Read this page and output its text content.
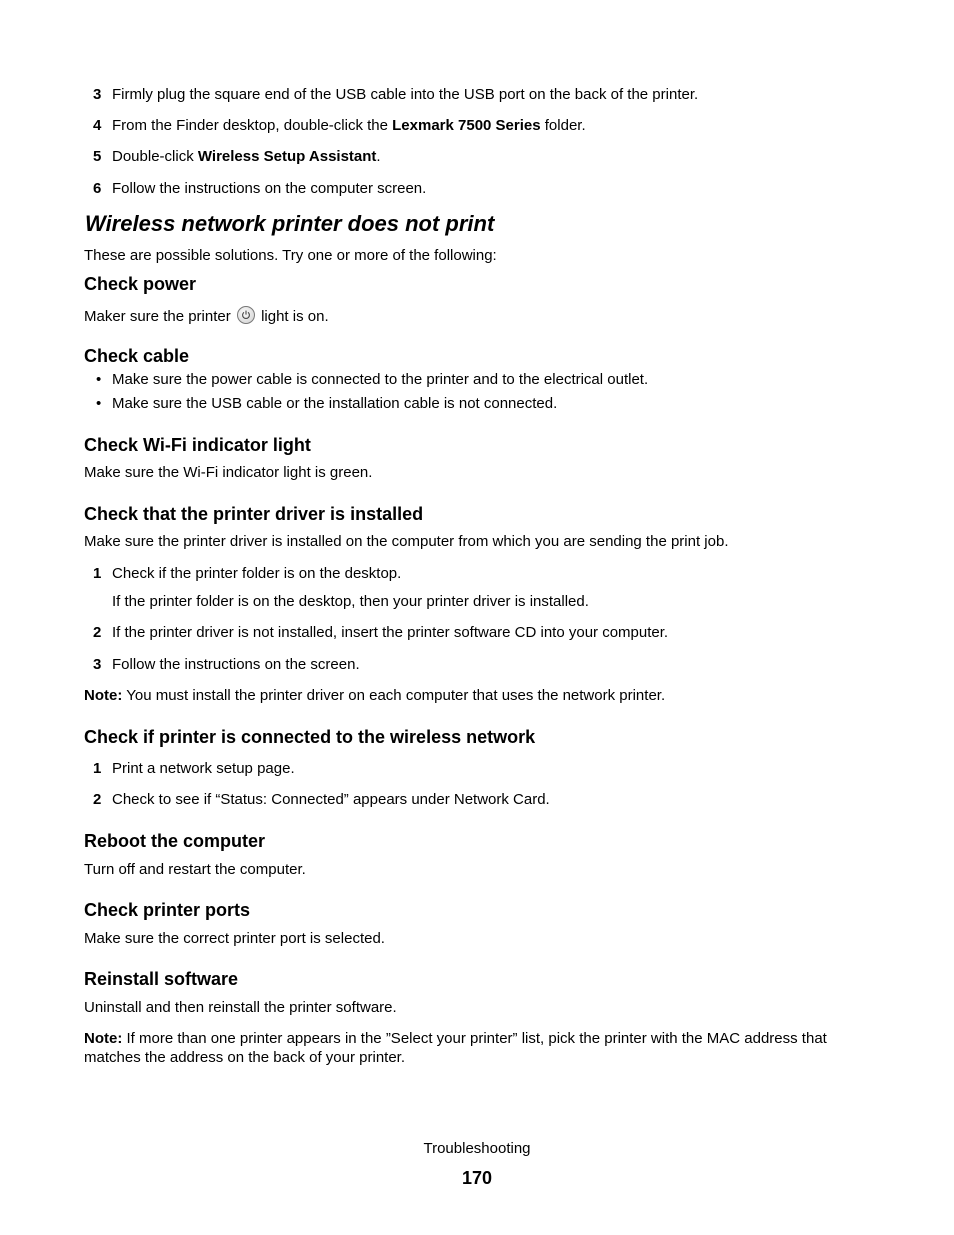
3 Firmly plug the square end of the USB cable into the USB port on the back of the printer.
4 From the Finder desktop, double-click the Lexmark 7500 Series folder.
5 Double-click Wireless Setup Assistant.
6 Follow the instructions on the computer screen.
Wireless network printer does not print
These are possible solutions. Try one or more of the following:
Check power
Maker sure the printer light is on.
Check cable
• Make sure the power cable is connected to the printer and to the electrical outlet.
• Make sure the USB cable or the installation cable is not connected.
Check Wi-Fi indicator light
Make sure the Wi-Fi indicator light is green.
Check that the printer driver is installed
Make sure the printer driver is installed on the computer from which you are sending the print job.
1 Check if the printer folder is on the desktop.
If the printer folder is on the desktop, then your printer driver is installed.
2 If the printer driver is not installed, insert the printer software CD into your computer.
3 Follow the instructions on the screen.
Note: You must install the printer driver on each computer that uses the network printer.
Check if printer is connected to the wireless network
1 Print a network setup page.
2 Check to see if “Status: Connected” appears under Network Card.
Reboot the computer
Turn off and restart the computer.
Check printer ports
Make sure the correct printer port is selected.
Reinstall software
Uninstall and then reinstall the printer software.
Note: If more than one printer appears in the ”Select your printer” list, pick the printer with the MAC address that
matches the address on the back of your printer.
Troubleshooting
170
